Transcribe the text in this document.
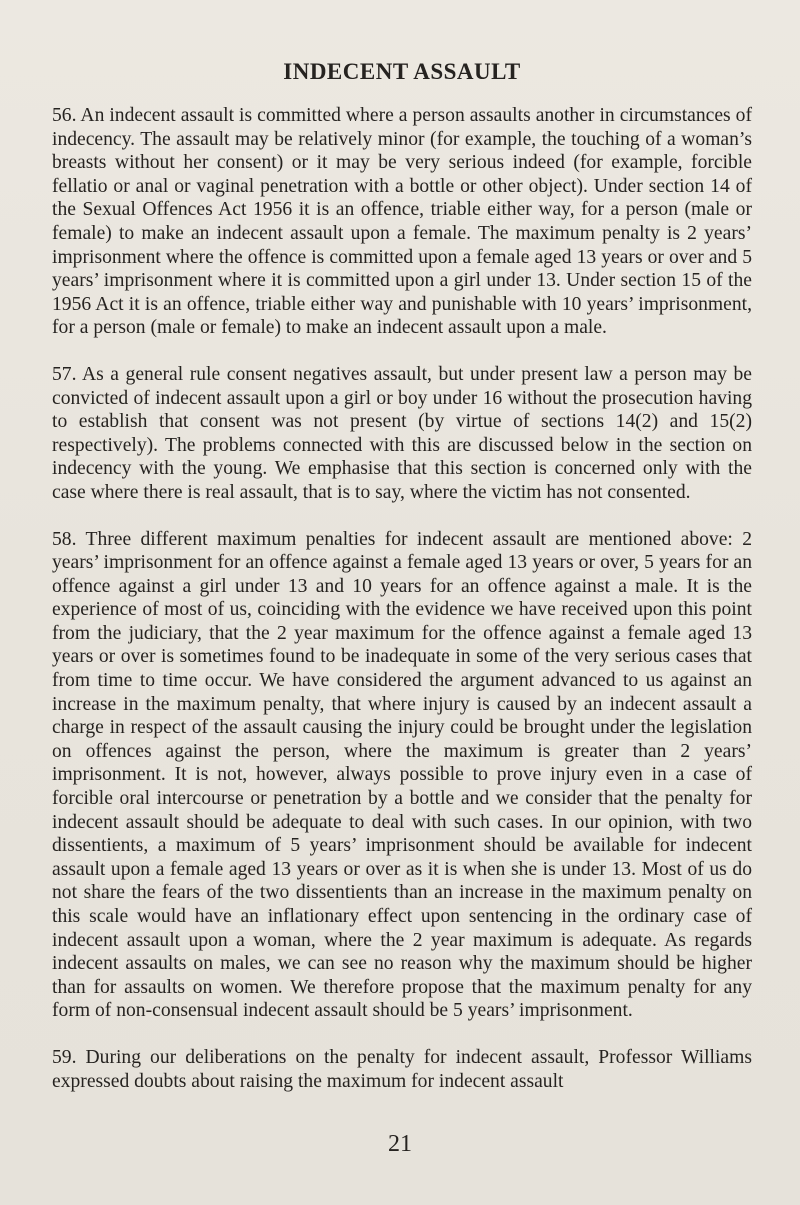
INDECENT ASSAULT

56. An indecent assault is committed where a person assaults another in circumstances of indecency. The assault may be relatively minor (for example, the touching of a woman’s breasts without her consent) or it may be very serious indeed (for example, forcible fellatio or anal or vaginal penetration with a bottle or other object). Under section 14 of the Sexual Offences Act 1956 it is an offence, triable either way, for a person (male or female) to make an indecent assault upon a female. The maximum penalty is 2 years’ imprisonment where the offence is committed upon a female aged 13 years or over and 5 years’ imprisonment where it is committed upon a girl under 13. Under section 15 of the 1956 Act it is an offence, triable either way and punishable with 10 years’ imprisonment, for a person (male or female) to make an indecent assault upon a male.

57. As a general rule consent negatives assault, but under present law a person may be convicted of indecent assault upon a girl or boy under 16 without the prosecution having to establish that consent was not present (by virtue of sections 14(2) and 15(2) respectively). The problems connected with this are discussed below in the section on indecency with the young. We emphasise that this section is concerned only with the case where there is real assault, that is to say, where the victim has not consented.

58. Three different maximum penalties for indecent assault are mentioned above: 2 years’ imprisonment for an offence against a female aged 13 years or over, 5 years for an offence against a girl under 13 and 10 years for an offence against a male. It is the experience of most of us, coinciding with the evidence we have received upon this point from the judiciary, that the 2 year maximum for the offence against a female aged 13 years or over is sometimes found to be inadequate in some of the very serious cases that from time to time occur. We have considered the argument advanced to us against an increase in the maximum penalty, that where injury is caused by an indecent assault a charge in respect of the assault causing the injury could be brought under the legislation on offences against the person, where the maximum is greater than 2 years’ imprisonment. It is not, however, always possible to prove injury even in a case of forcible oral intercourse or penetration by a bottle and we consider that the penalty for indecent assault should be adequate to deal with such cases. In our opinion, with two dissentients, a maximum of 5 years’ imprisonment should be available for indecent assault upon a female aged 13 years or over as it is when she is under 13. Most of us do not share the fears of the two dissentients than an increase in the maximum penalty on this scale would have an inflationary effect upon sentencing in the ordinary case of indecent assault upon a woman, where the 2 year maximum is adequate. As regards indecent assaults on males, we can see no reason why the maximum should be higher than for assaults on women. We therefore propose that the maximum penalty for any form of non-consensual indecent assault should be 5 years’ imprisonment.

59. During our deliberations on the penalty for indecent assault, Professor Williams expressed doubts about raising the maximum for indecent assault

21
